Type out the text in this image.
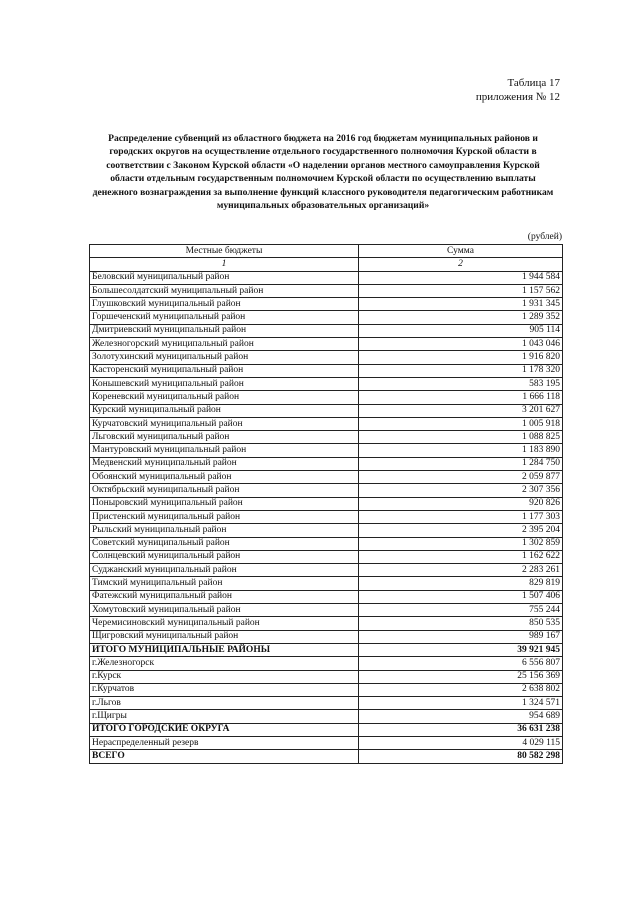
Таблица 17
приложения № 12
Распределение субвенций из областного бюджета на 2016 год бюджетам муниципальных районов и городских округов на осуществление отдельного государственного полномочия Курской области в соответствии с Законом Курской области «О наделении органов местного самоуправления Курской области отдельным государственным полномочием Курской области по осуществлению выплаты денежного вознаграждения за выполнение функций классного руководителя педагогическим работникам муниципальных образовательных организаций»
(рублей)
Местные бюджеты	Сумма
1	2
Беловский муниципальный район	1 944 584
Большесолдатский муниципальный район	1 157 562
Глушковский муниципальный район	1 931 345
Горшеченский муниципальный район	1 289 352
Дмитриевский муниципальный район	905 114
Железногорский муниципальный район	1 043 046
Золотухинский муниципальный район	1 916 820
Касторенский муниципальный район	1 178 320
Конышевский муниципальный район	583 195
Кореневский муниципальный район	1 666 118
Курский муниципальный район	3 201 627
Курчатовский муниципальный район	1 005 918
Льговский муниципальный район	1 088 825
Мантуровский муниципальный район	1 183 890
Медвенский муниципальный район	1 284 750
Обоянский муниципальный район	2 059 877
Октябрьский муниципальный район	2 307 356
Поныровский муниципальный район	920 826
Пристенский муниципальный район	1 177 303
Рыльский муниципальный район	2 395 204
Советский муниципальный район	1 302 859
Солнцевский муниципальный район	1 162 622
Суджанский муниципальный район	2 283 261
Тимский муниципальный район	829 819
Фатежский муниципальный район	1 507 406
Хомутовский муниципальный район	755 244
Черемисиновский муниципальный район	850 535
Щигровский муниципальный район	989 167
ИТОГО МУНИЦИПАЛЬНЫЕ РАЙОНЫ	39 921 945
г.Железногорск	6 556 807
г.Курск	25 156 369
г.Курчатов	2 638 802
г.Льгов	1 324 571
г.Щигры	954 689
ИТОГО ГОРОДСКИЕ ОКРУГА	36 631 238
Нераспределенный резерв	4 029 115
ВСЕГО	80 582 298
